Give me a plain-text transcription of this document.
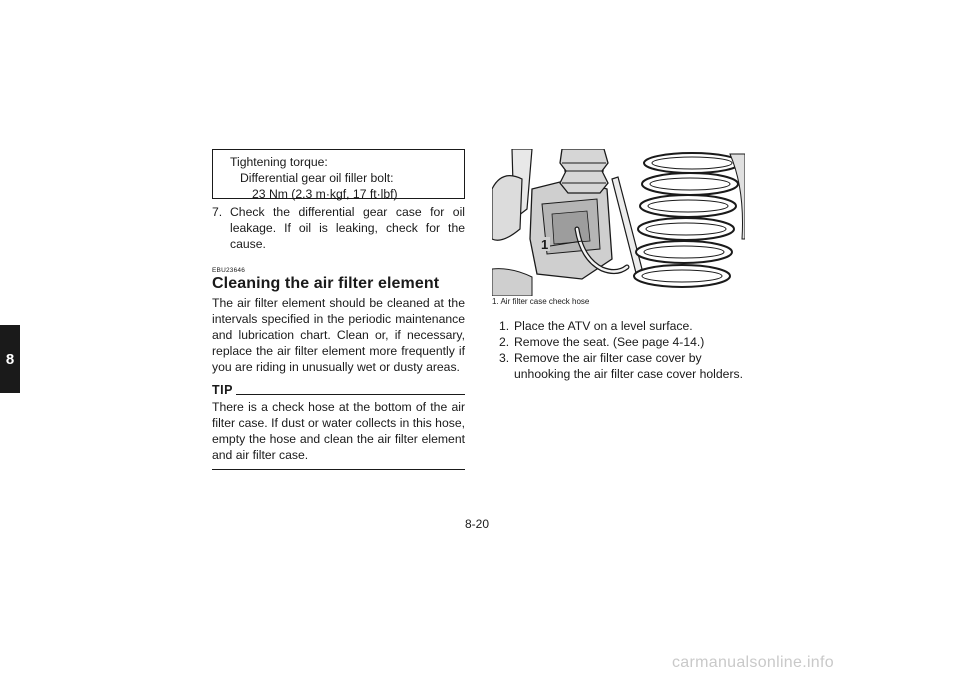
8
Tightening torque:
Differential gear oil filler bolt:
23 Nm (2.3 m·kgf, 17 ft·lbf)
7. Check the differential gear case for oil leakage. If oil is leaking, check for the cause.
EBU23646
Cleaning the air filter element

The air filter element should be cleaned at the intervals specified in the periodic maintenance and lubrication chart. Clean or, if necessary, replace the air filter element more frequently if you are riding in unusually wet or dusty areas.

TIP

There is a check hose at the bottom of the air filter case. If dust or water collects in this hose, empty the hose and clean the air filter element and air filter case.

1
1. Air filter case check hose
1. Place the ATV on a level surface.
2. Remove the seat. (See page 4-14.)
3. Remove the air filter case cover by unhooking the air filter case cover holders.
8-20
carmanualsonline.info
